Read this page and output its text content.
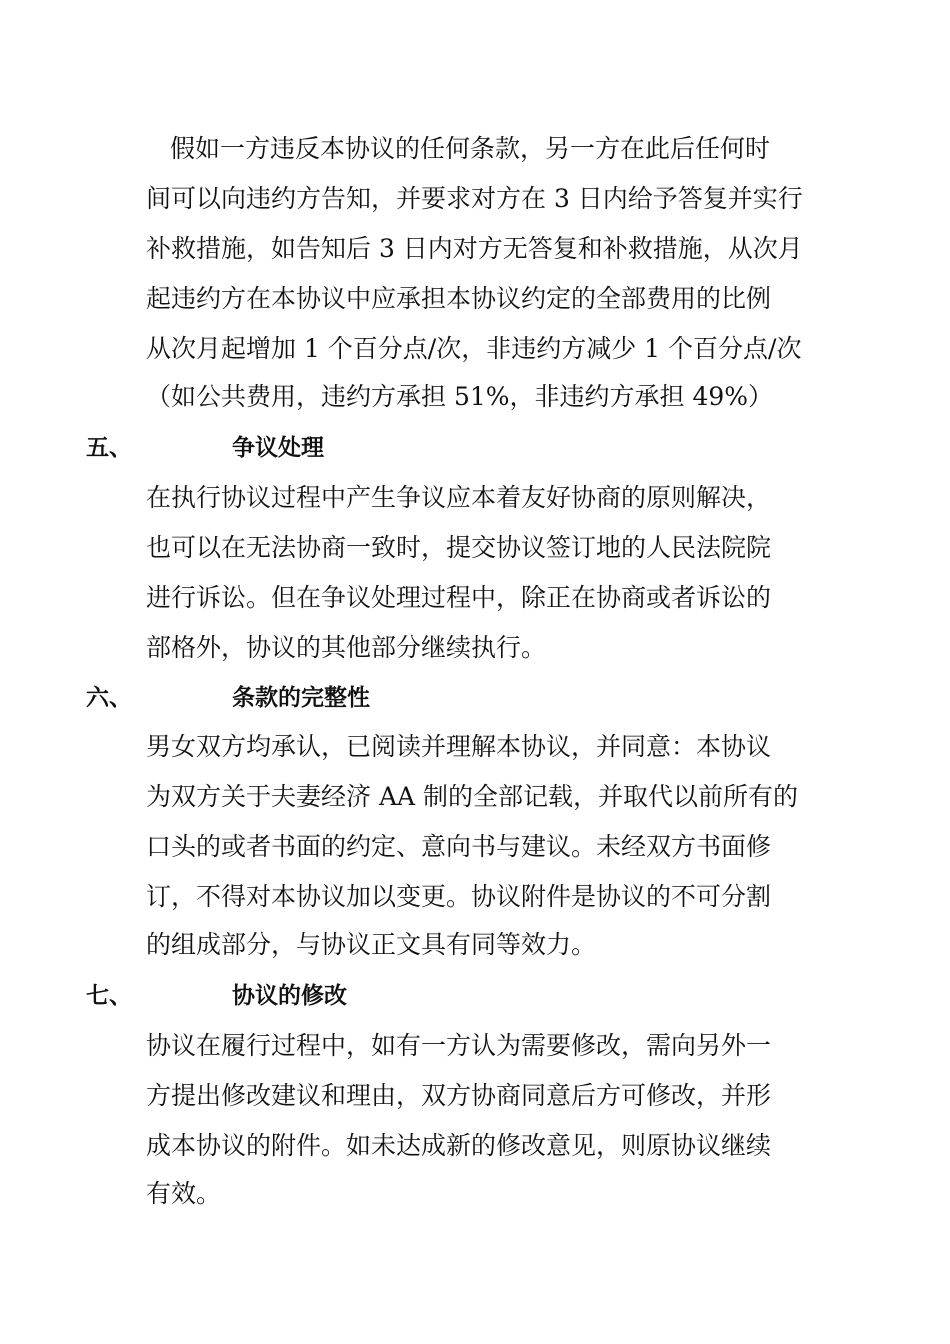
假如一方违反本协议的任何条款，另一方在此后任何时
间可以向违约方告知，并要求对方在 3 日内给予答复并实行
补救措施，如告知后 3 日内对方无答复和补救措施，从次月
起违约方在本协议中应承担本协议约定的全部费用的比例
从次月起增加 1 个百分点/次，非违约方减少 1 个百分点/次
（如公共费用，违约方承担 51%，非违约方承担 49%）
五、	争议处理
在执行协议过程中产生争议应本着友好协商的原则解决，
也可以在无法协商一致时，提交协议签订地的人民法院院
进行诉讼。但在争议处理过程中，除正在协商或者诉讼的
部格外，协议的其他部分继续执行。
六、	条款的完整性
男女双方均承认，已阅读并理解本协议，并同意：本协议
为双方关于夫妻经济 AA 制的全部记载，并取代以前所有的
口头的或者书面的约定、意向书与建议。未经双方书面修
订，不得对本协议加以变更。协议附件是协议的不可分割
的组成部分，与协议正文具有同等效力。
七、	协议的修改
协议在履行过程中，如有一方认为需要修改，需向另外一
方提出修改建议和理由，双方协商同意后方可修改，并形
成本协议的附件。如未达成新的修改意见，则原协议继续
有效。
